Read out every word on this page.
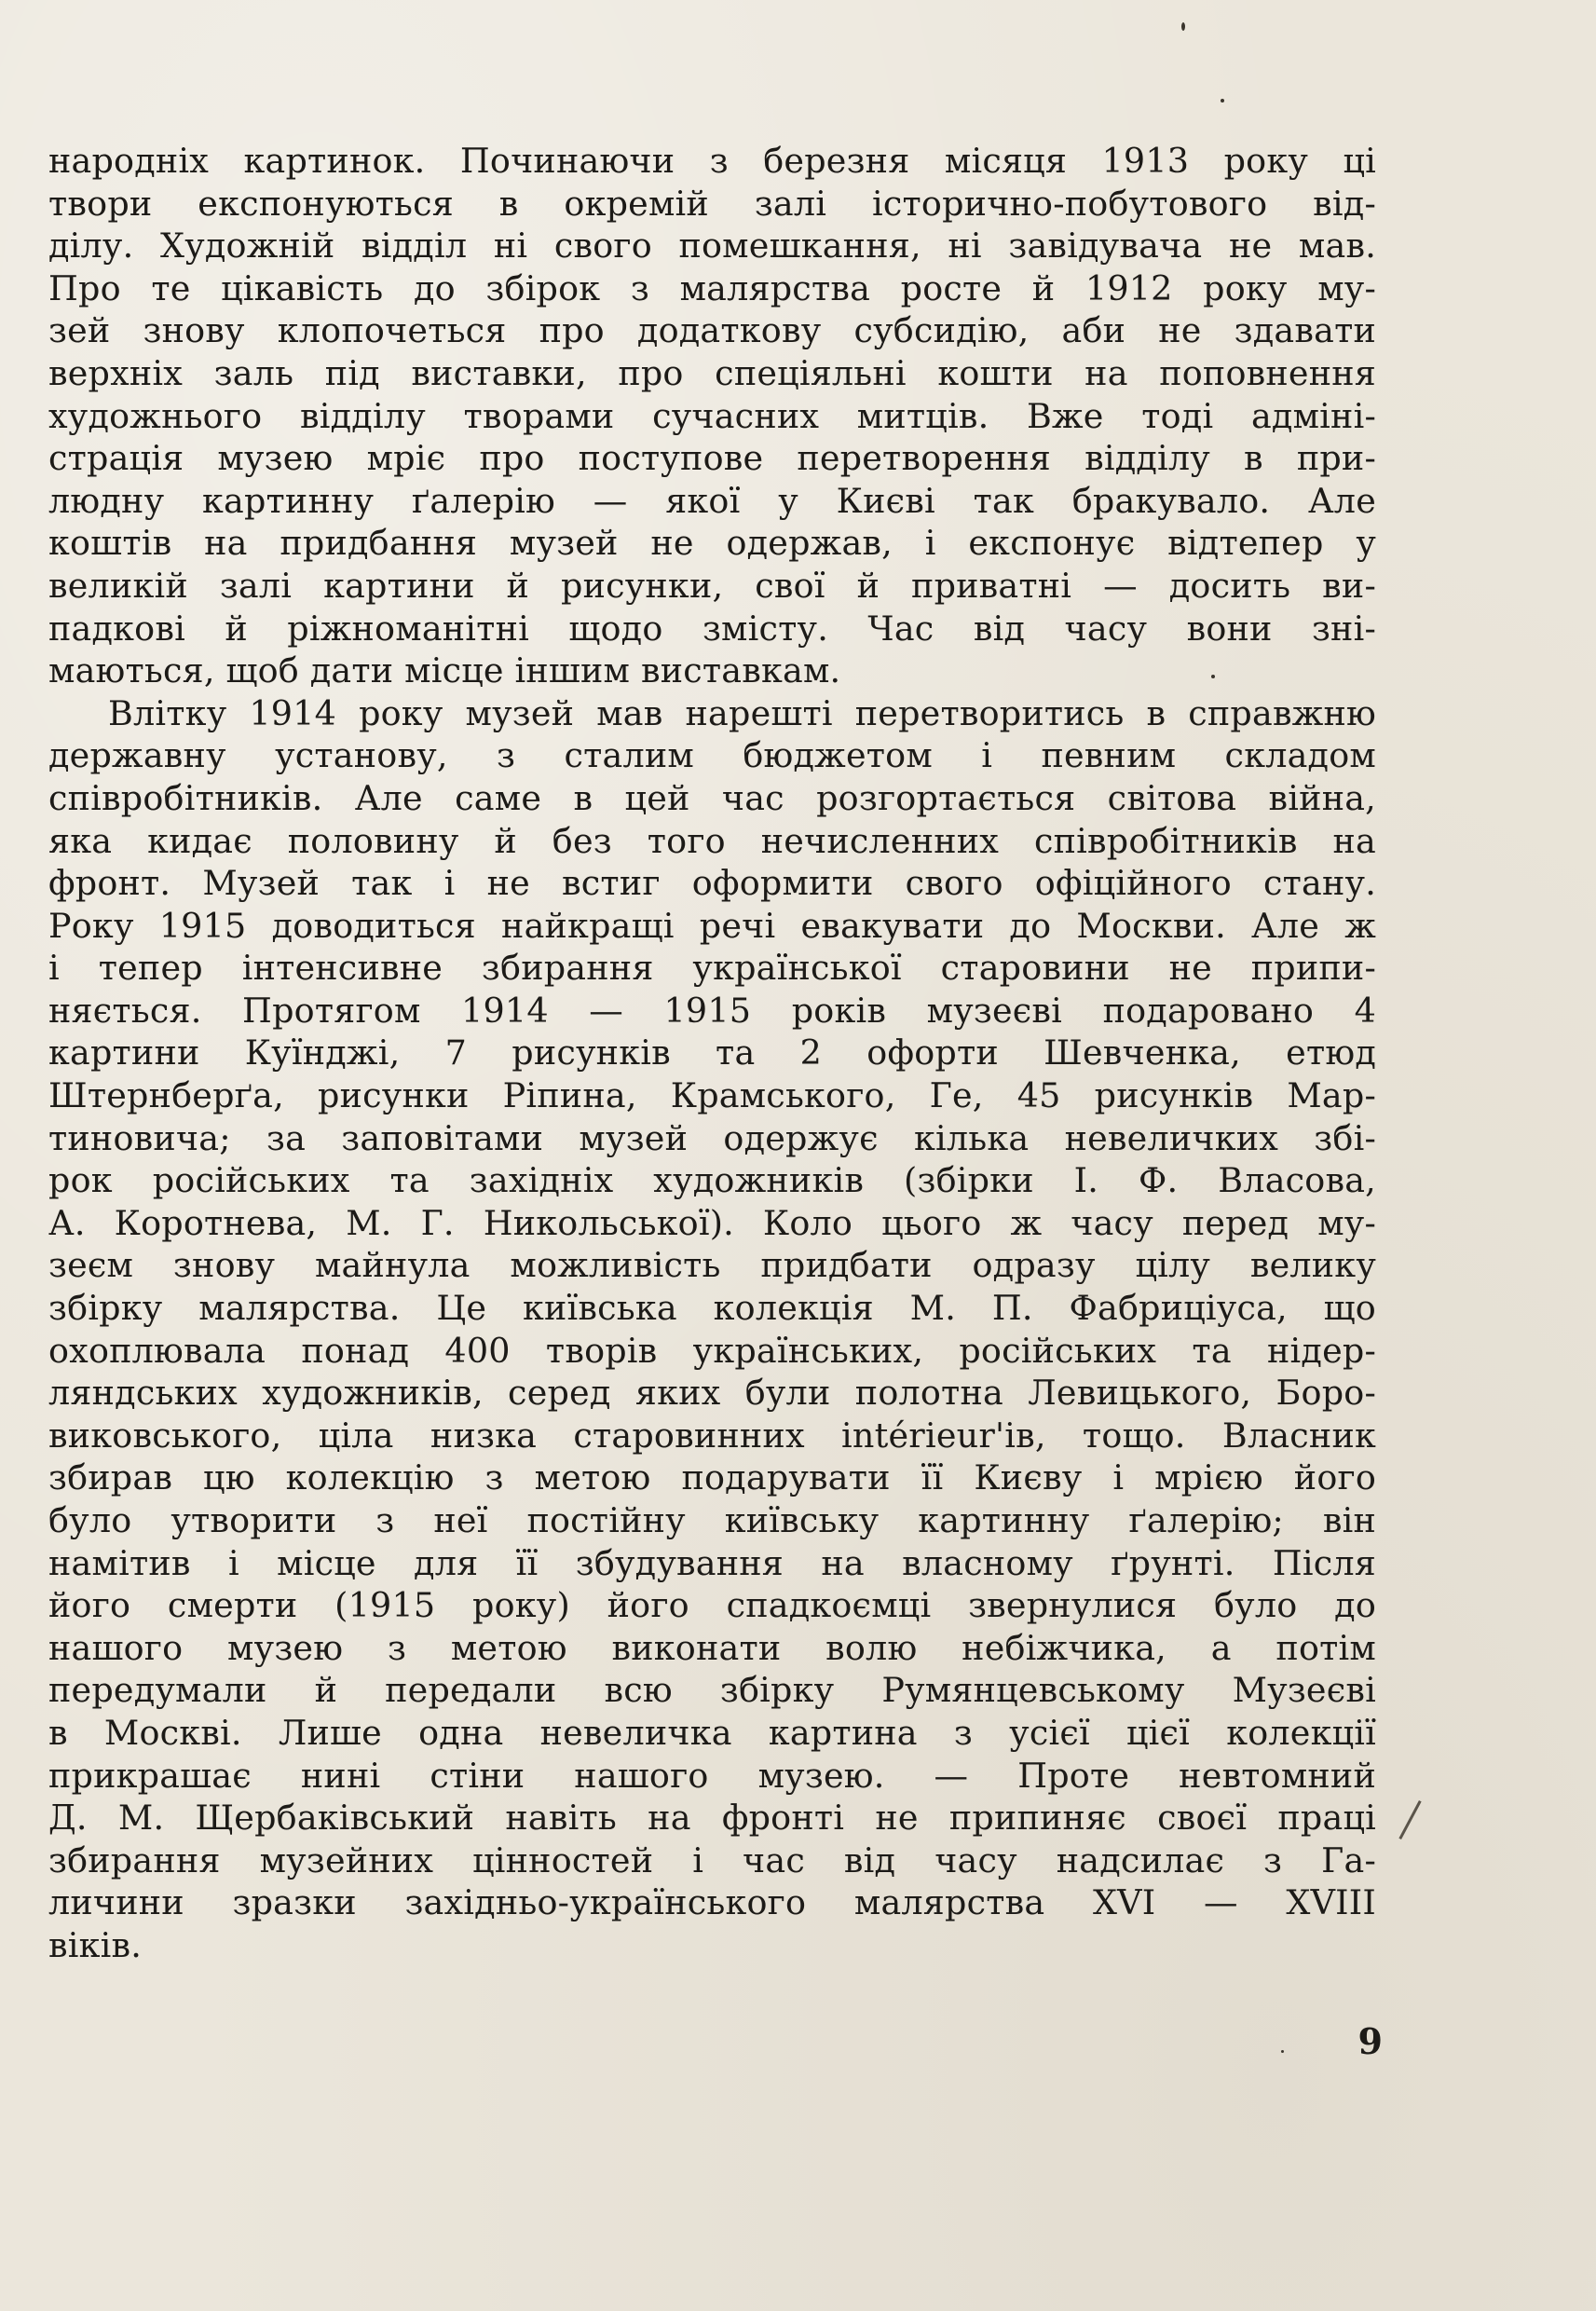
народніх картинок. Починаючи з березня місяця 1913 року ці
твори експонуються в окремій залі історично-побутового від-
ділу. Художній відділ ні свого помешкання, ні завідувача не мав.
Про те цікавість до збірок з малярства росте й 1912 року му-
зей знову клопочеться про додаткову субсидію, аби не здавати
верхніх заль під виставки, про спеціяльні кошти на поповнення
художнього відділу творами сучасних митців. Вже тоді адміні-
страція музею мріє про поступове перетворення відділу в при-
людну картинну ґалерію — якої у Києві так бракувало. Але
коштів на придбання музей не одержав, і експонує відтепер у
великій залі картини й рисунки, свої й приватні — досить ви-
падкові й ріжноманітні щодо змісту. Час від часу вони зні-
маються, щоб дати місце іншим виставкам.
Влітку 1914 року музей мав нарешті перетворитись в справжню
державну установу, з сталим бюджетом і певним складом
співробітників. Але саме в цей час розгортається світова війна,
яка кидає половину й без того нечисленних співробітників на
фронт. Музей так і не встиг оформити свого офіційного стану.
Року 1915 доводиться найкращі речі евакувати до Москви. Але ж
і тепер інтенсивне збирання української старовини не припи-
няється. Протягом 1914 — 1915 років музеєві подаровано 4
картини Куїнджі, 7 рисунків та 2 офорти Шевченка, етюд
Штернберґа, рисунки Ріпина, Крамського, Ге, 45 рисунків Мар-
тиновича; за заповітами музей одержує кілька невеличких збі-
рок російських та західніх художників (збірки І. Ф. Власова,
А. Коротнева, М. Г. Никольської). Коло цього ж часу перед му-
зеєм знову майнула можливість придбати одразу цілу велику
збірку малярства. Це київська колекція М. П. Фабриціуса, що
охоплювала понад 400 творів українських, російських та нідер-
ляндських художників, серед яких були полотна Левицького, Боро-
виковського, ціла низка старовинних intérieur'ів, тощо. Власник
збирав цю колекцію з метою подарувати її Києву і мрією його
було утворити з неї постійну київську картинну ґалерію; він
намітив і місце для її збудування на власному ґрунті. Після
його смерти (1915 року) його спадкоємці звернулися було до
нашого музею з метою виконати волю небіжчика, а потім
передумали й передали всю збірку Румянцевському Музеєві
в Москві. Лише одна невеличка картина з усієї цієї колекції
прикрашає нині стіни нашого музею. — Проте невтомний
Д. М. Щербаківський навіть на фронті не припиняє своєї праці
збирання музейних цінностей і час від часу надсилає з Га-
личини зразки західньо-українського малярства XVI — XVIII
віків.
9
